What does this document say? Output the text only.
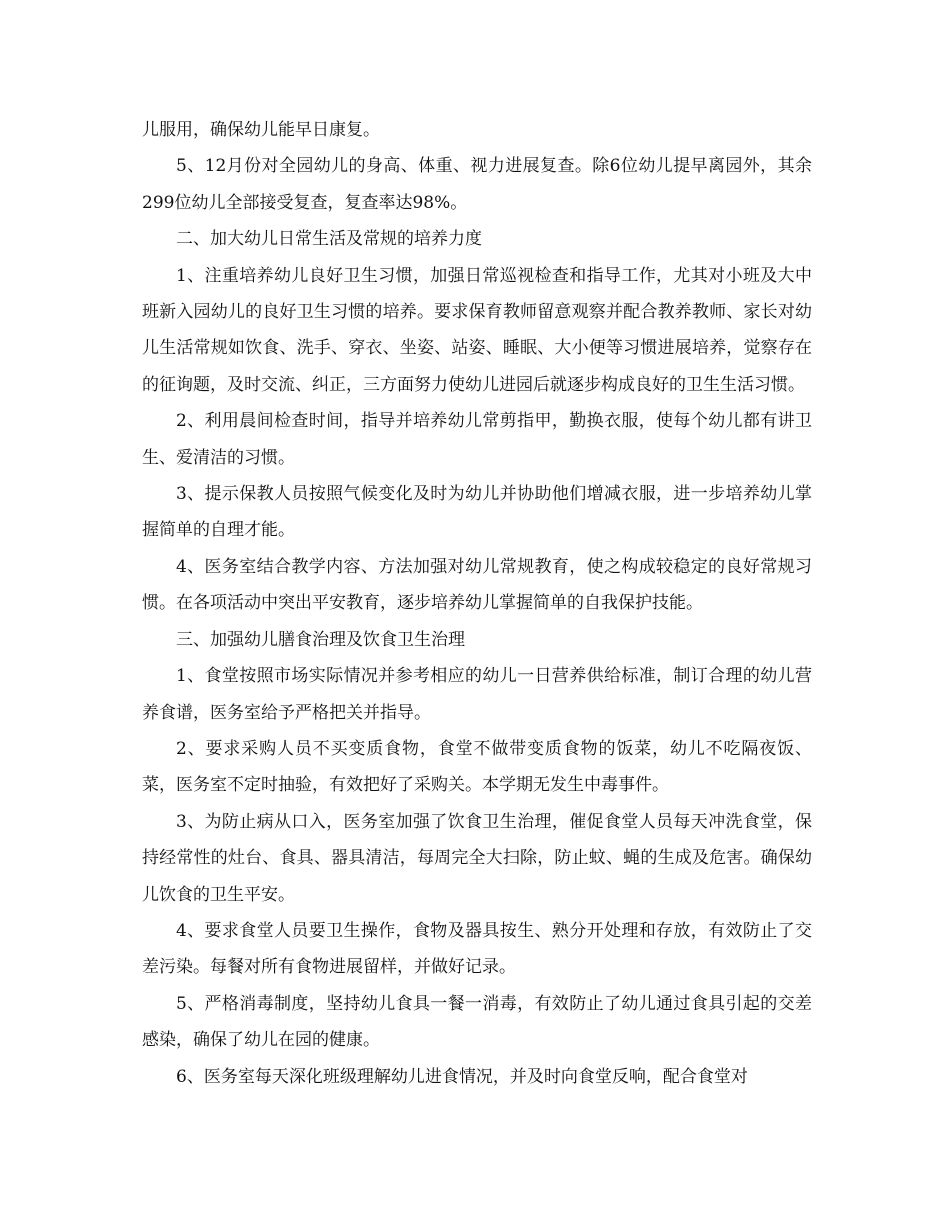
儿服用，确保幼儿能早日康复。

5、12月份对全园幼儿的身高、体重、视力进展复查。除6位幼儿提早离园外，其余299位幼儿全部接受复查，复查率达98%。

二、加大幼儿日常生活及常规的培养力度

1、注重培养幼儿良好卫生习惯，加强日常巡视检查和指导工作，尤其对小班及大中班新入园幼儿的良好卫生习惯的培养。要求保育教师留意观察并配合教养教师、家长对幼儿生活常规如饮食、洗手、穿衣、坐姿、站姿、睡眠、大小便等习惯进展培养，觉察存在的征询题，及时交流、纠正，三方面努力使幼儿进园后就逐步构成良好的卫生生活习惯。

2、利用晨间检查时间，指导并培养幼儿常剪指甲，勤换衣服，使每个幼儿都有讲卫生、爱清洁的习惯。

3、提示保教人员按照气候变化及时为幼儿并协助他们增减衣服，进一步培养幼儿掌握简单的自理才能。

4、医务室结合教学内容、方法加强对幼儿常规教育，使之构成较稳定的良好常规习惯。在各项活动中突出平安教育，逐步培养幼儿掌握简单的自我保护技能。

三、加强幼儿膳食治理及饮食卫生治理

1、食堂按照市场实际情况并参考相应的幼儿一日营养供给标准，制订合理的幼儿营养食谱，医务室给予严格把关并指导。

2、要求采购人员不买变质食物，食堂不做带变质食物的饭菜，幼儿不吃隔夜饭、菜，医务室不定时抽验，有效把好了采购关。本学期无发生中毒事件。

3、为防止病从口入，医务室加强了饮食卫生治理，催促食堂人员每天冲洗食堂，保持经常性的灶台、食具、器具清洁，每周完全大扫除，防止蚊、蝇的生成及危害。确保幼儿饮食的卫生平安。

4、要求食堂人员要卫生操作，食物及器具按生、熟分开处理和存放，有效防止了交差污染。每餐对所有食物进展留样，并做好记录。

5、严格消毒制度，坚持幼儿食具一餐一消毒，有效防止了幼儿通过食具引起的交差感染，确保了幼儿在园的健康。

6、医务室每天深化班级理解幼儿进食情况，并及时向食堂反响，配合食堂对
